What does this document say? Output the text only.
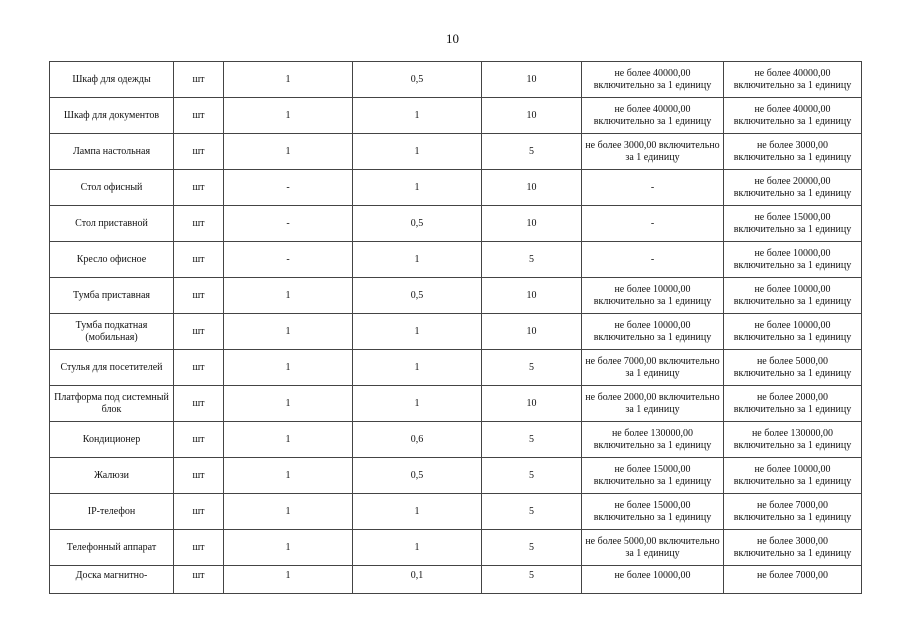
10
Шкаф для одежды	шт	1	0,5	10	не более 40000,00 включительно за 1 единицу	не более 40000,00 включительно за 1 единицу
Шкаф для документов	шт	1	1	10	не более 40000,00 включительно за 1 единицу	не более 40000,00 включительно за 1 единицу
Лампа настольная	шт	1	1	5	не более 3000,00 включительно за 1 единицу	не более 3000,00 включительно за 1 единицу
Стол офисный	шт	-	1	10	-	не более 20000,00 включительно за 1 единицу
Стол приставной	шт	-	0,5	10	-	не более 15000,00 включительно за 1 единицу
Кресло офисное	шт	-	1	5	-	не более 10000,00 включительно за 1 единицу
Тумба приставная	шт	1	0,5	10	не более 10000,00 включительно за 1 единицу	не более 10000,00 включительно за 1 единицу
Тумба подкатная (мобильная)	шт	1	1	10	не более 10000,00 включительно за 1 единицу	не более 10000,00 включительно за 1 единицу
Стулья для посетителей	шт	1	1	5	не более 7000,00 включительно за 1 единицу	не более 5000,00 включительно за 1 единицу
Платформа под системный блок	шт	1	1	10	не более 2000,00 включительно за 1 единицу	не более 2000,00 включительно за 1 единицу
Кондиционер	шт	1	0,6	5	не более 130000,00 включительно за 1 единицу	не более 130000,00 включительно за 1 единицу
Жалюзи	шт	1	0,5	5	не более 15000,00 включительно за 1 единицу	не более 10000,00 включительно за 1 единицу
IP-телефон	шт	1	1	5	не более 15000,00 включительно за 1 единицу	не более 7000,00 включительно за 1 единицу
Телефонный аппарат	шт	1	1	5	не более 5000,00 включительно за 1 единицу	не более 3000,00 включительно за 1 единицу
Доска магнитно-	шт	1	0,1	5	не более 10000,00	не более 7000,00
